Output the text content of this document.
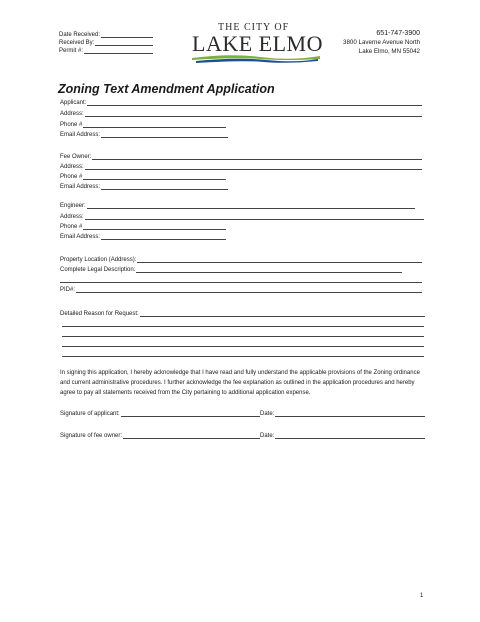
Date Received:
Received By:
Permit #:
THE CITY OF
LAKE ELMO	651-747-3900
3800 Laverne Avenue North
Lake Elmo, MN 55042
Zoning Text Amendment Application
Applicant:
Address:
Phone #
Email Address:
Fee Owner:
Address:
Phone #
Email Address:
Engineer:
Address:
Phone #
Email Address:
Property Location (Address):
Complete Legal Description:
PID#:
Detailed Reason for Request:
In signing this application, I hereby acknowledge that I have read and fully understand the applicable provisions of the Zoning ordinance and current administrative procedures. I further acknowledge the fee explanation as outlined in the application procedures and hereby agree to pay all statements received from the City pertaining to additional application expense.
Signature of applicant:	Date:
Signature of fee owner:	Date:
1
